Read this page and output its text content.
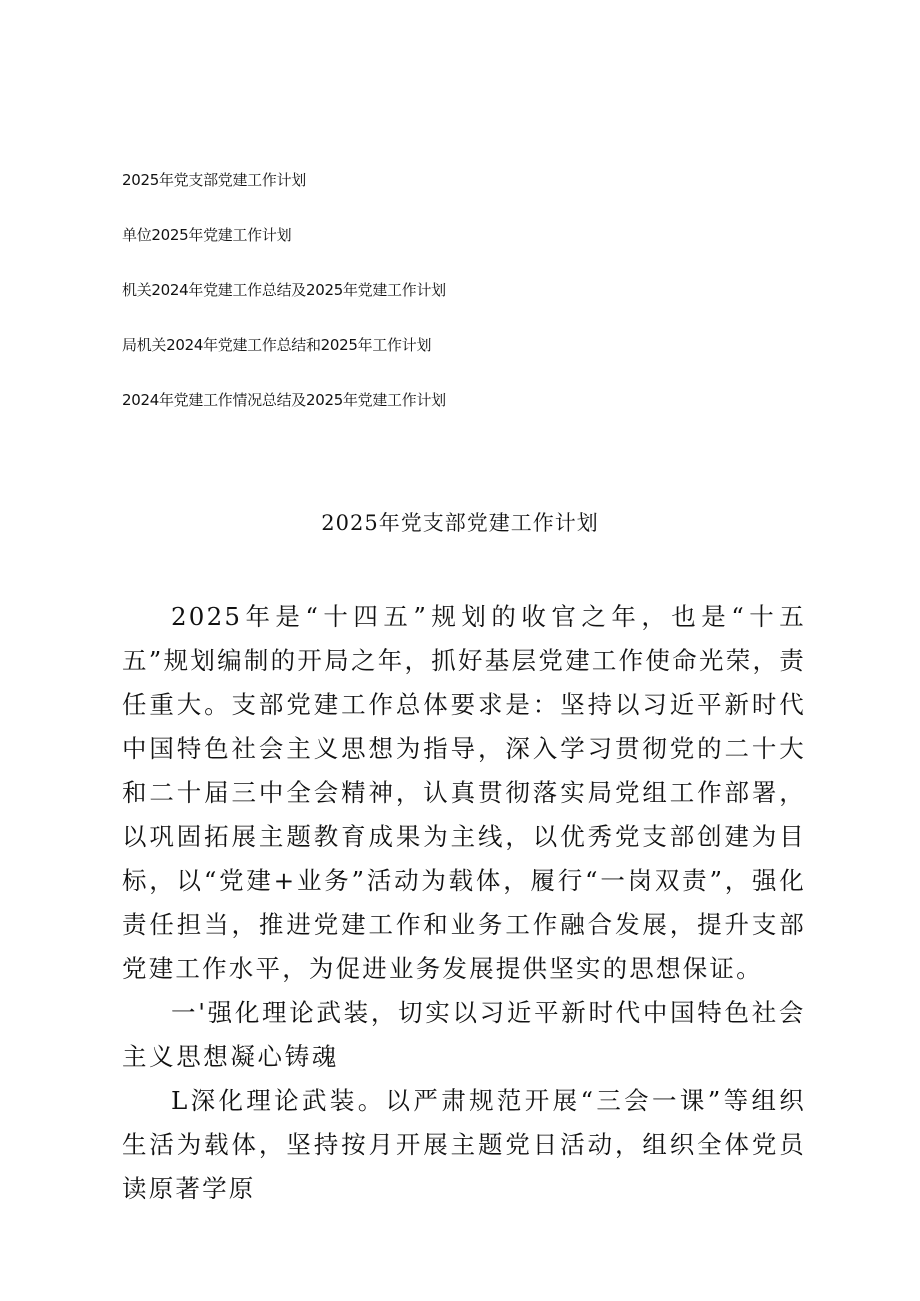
2025年党支部党建工作计划
单位2025年党建工作计划
机关2024年党建工作总结及2025年党建工作计划
局机关2024年党建工作总结和2025年工作计划
2024年党建工作情况总结及2025年党建工作计划
2025年党支部党建工作计划

2025年是“十四五”规划的收官之年，也是“十五五”规划编制的开局之年，抓好基层党建工作使命光荣，责任重大。支部党建工作总体要求是：坚持以习近平新时代中国特色社会主义思想为指导，深入学习贯彻党的二十大和二十届三中全会精神，认真贯彻落实局党组工作部署，以巩固拓展主题教育成果为主线，以优秀党支部创建为目标，以“党建+业务”活动为载体，履行“一岗双责”，强化责任担当，推进党建工作和业务工作融合发展，提升支部党建工作水平，为促进业务发展提供坚实的思想保证。

一'强化理论武装，切实以习近平新时代中国特色社会主义思想凝心铸魂

L深化理论武装。以严肃规范开展“三会一课”等组织生活为载体，坚持按月开展主题党日活动，组织全体党员读原著学原
